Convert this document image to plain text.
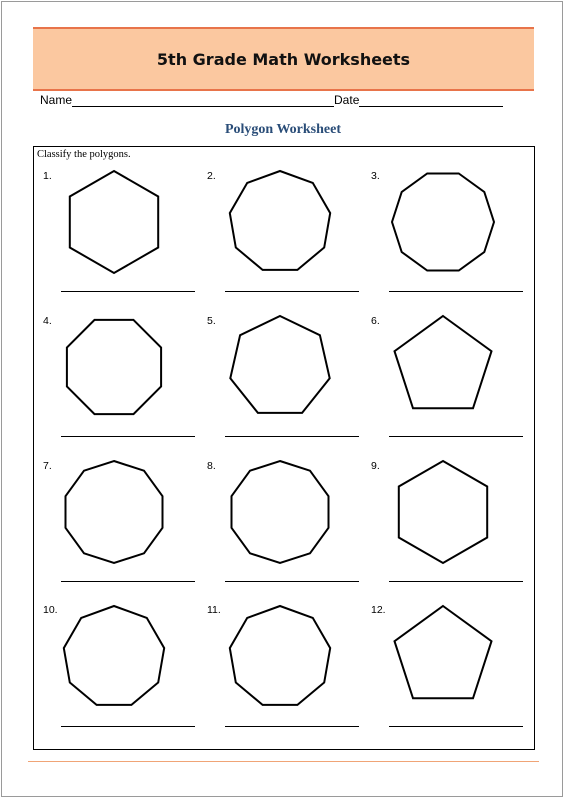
5th Grade Math Worksheets
Name	Date
Polygon Worksheet
Classify the polygons.
1.	2.	3.
4.	5.	6.
7.	8.	9.
10.	11.	12.
